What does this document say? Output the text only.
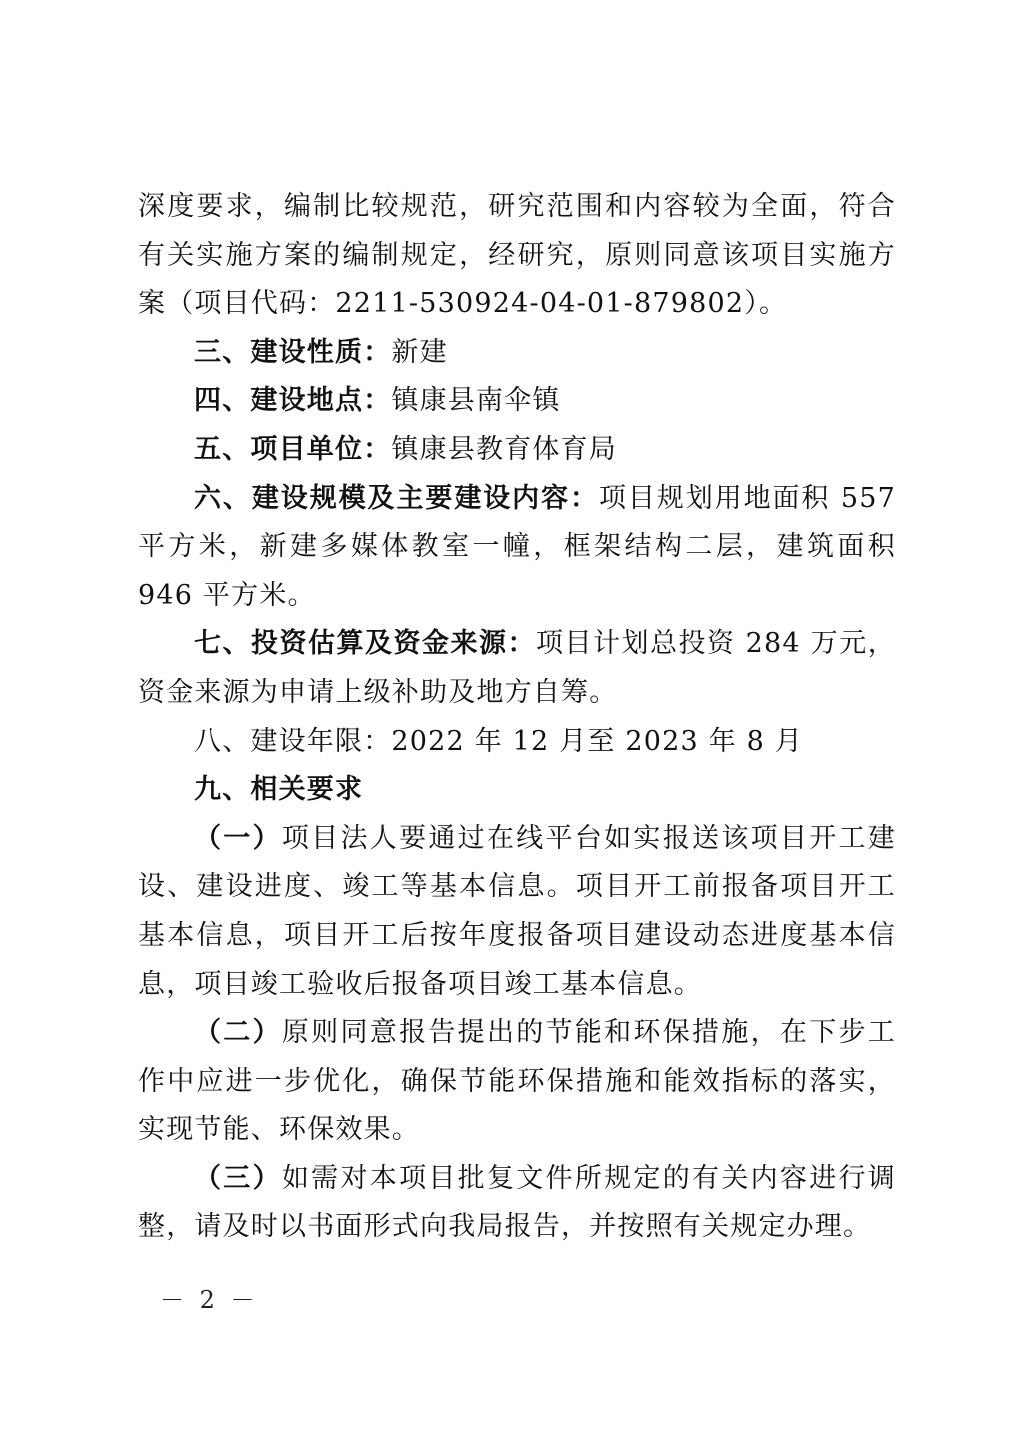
深度要求，编制比较规范，研究范围和内容较为全面，符合有关实施方案的编制规定，经研究，原则同意该项目实施方案（项目代码：2211-530924-04-01-879802）。

三、建设性质：新建

四、建设地点：镇康县南伞镇

五、项目单位：镇康县教育体育局

六、建设规模及主要建设内容：项目规划用地面积 557 平方米，新建多媒体教室一幢，框架结构二层，建筑面积 946 平方米。

七、投资估算及资金来源：项目计划总投资 284 万元，资金来源为申请上级补助及地方自筹。

八、建设年限：2022 年 12 月至 2023 年 8 月

九、相关要求

（一）项目法人要通过在线平台如实报送该项目开工建设、建设进度、竣工等基本信息。项目开工前报备项目开工基本信息，项目开工后按年度报备项目建设动态进度基本信息，项目竣工验收后报备项目竣工基本信息。

（二）原则同意报告提出的节能和环保措施，在下步工作中应进一步优化，确保节能环保措施和能效指标的落实，实现节能、环保效果。

（三）如需对本项目批复文件所规定的有关内容进行调整，请及时以书面形式向我局报告，并按照有关规定办理。

－ 2 －
